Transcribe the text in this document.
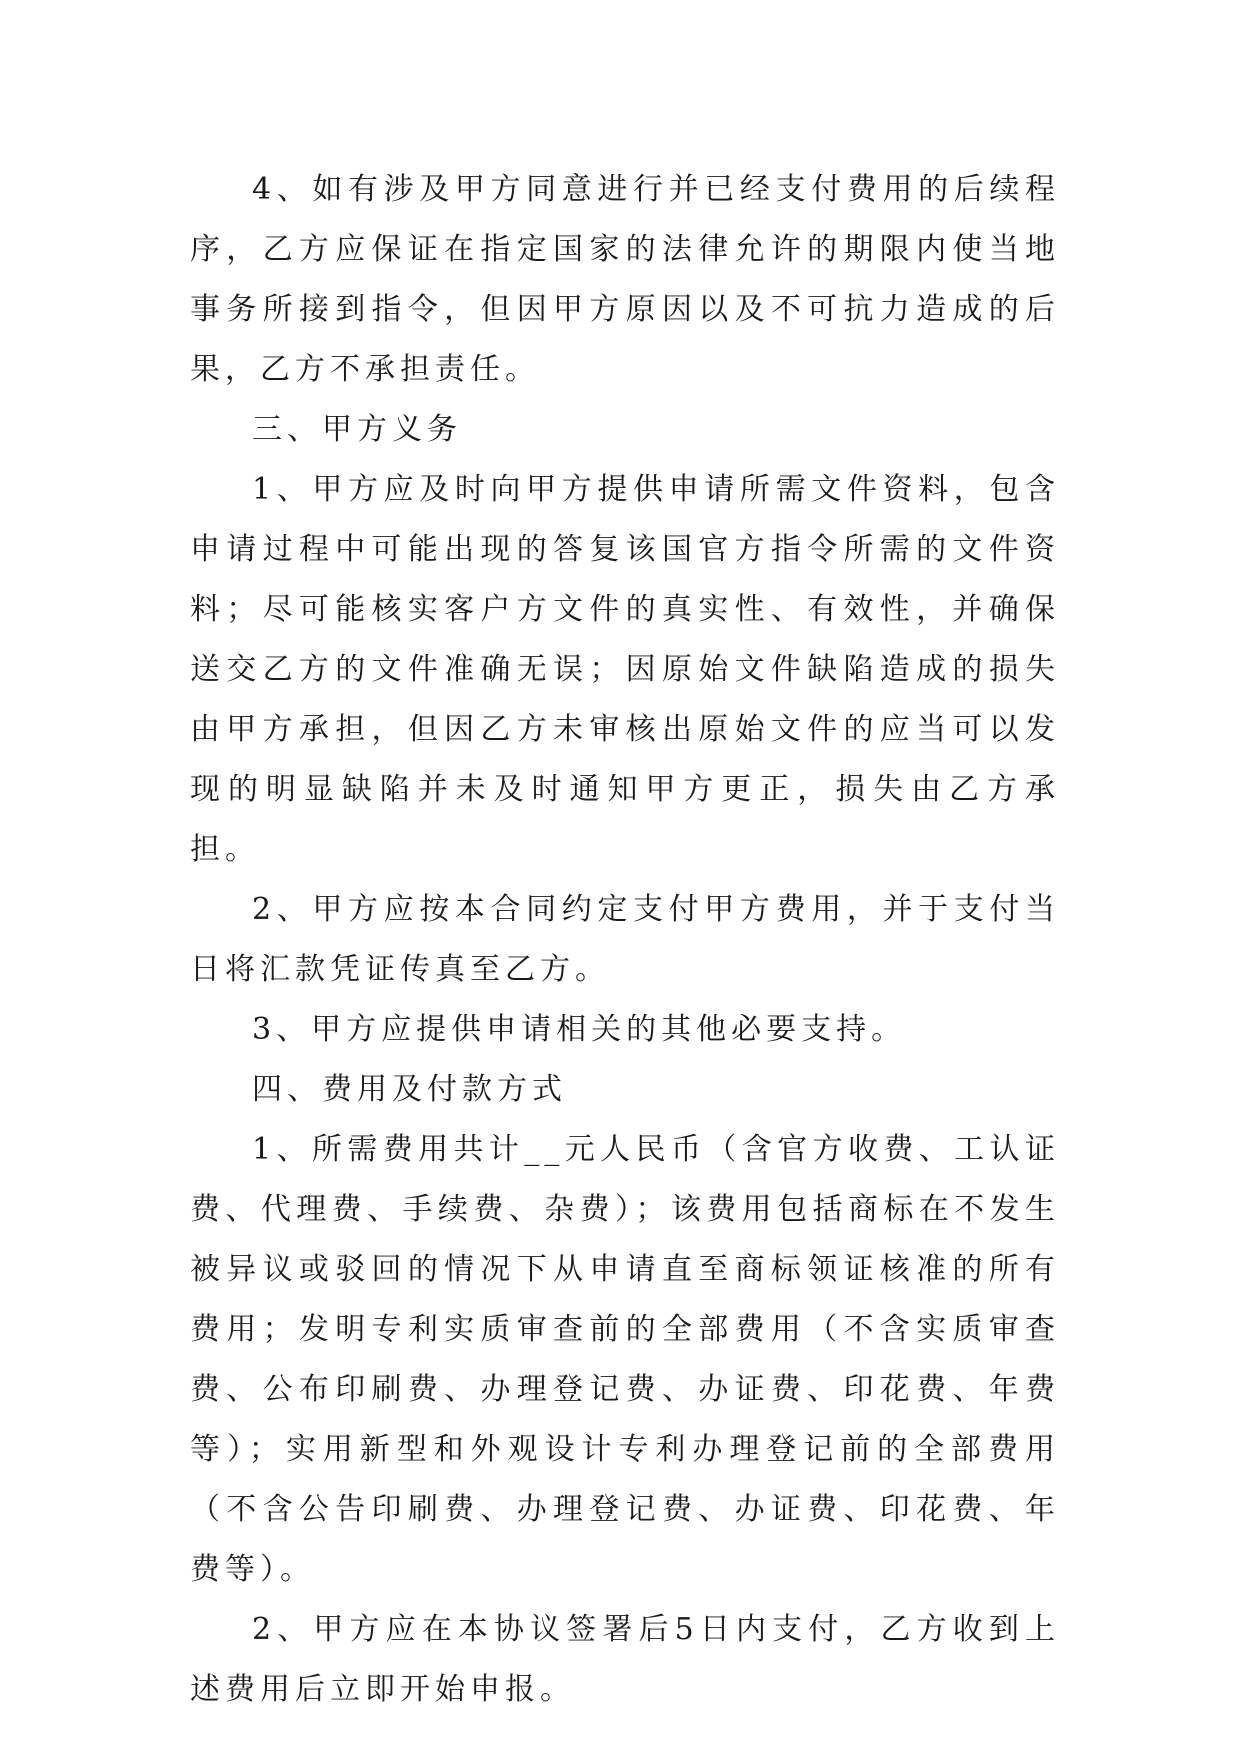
4、如有涉及甲方同意进行并已经支付费用的后续程序，乙方应保证在指定国家的法律允许的期限内使当地事务所接到指令，但因甲方原因以及不可抗力造成的后果，乙方不承担责任。

三、甲方义务

1、甲方应及时向甲方提供申请所需文件资料，包含申请过程中可能出现的答复该国官方指令所需的文件资料；尽可能核实客户方文件的真实性、有效性，并确保送交乙方的文件准确无误；因原始文件缺陷造成的损失由甲方承担，但因乙方未审核出原始文件的应当可以发现的明显缺陷并未及时通知甲方更正，损失由乙方承担。

2、甲方应按本合同约定支付甲方费用，并于支付当日将汇款凭证传真至乙方。

3、甲方应提供申请相关的其他必要支持。

四、费用及付款方式

1、所需费用共计__元人民币（含官方收费、工认证费、代理费、手续费、杂费）；该费用包括商标在不发生被异议或驳回的情况下从申请直至商标领证核准的所有费用；发明专利实质审查前的全部费用（不含实质审查费、公布印刷费、办理登记费、办证费、印花费、年费等）；实用新型和外观设计专利办理登记前的全部费用（不含公告印刷费、办理登记费、办证费、印花费、年费等）。

2、甲方应在本协议签署后5日内支付，乙方收到上述费用后立即开始申报。
